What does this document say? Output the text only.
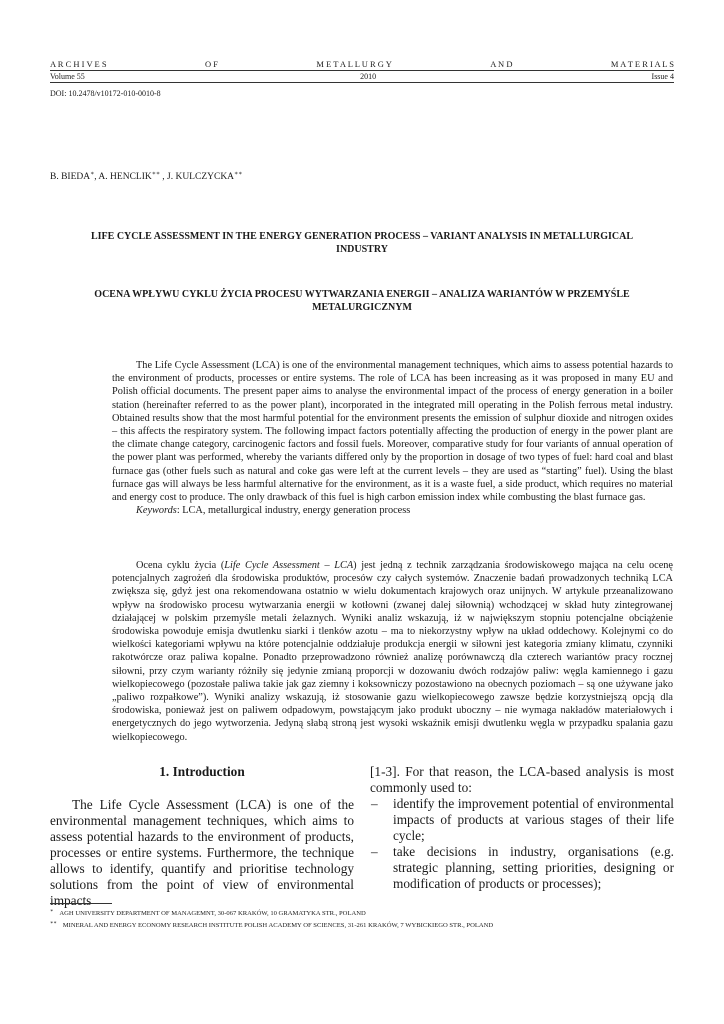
A R C H I V E S	O F	M E T A L L U R G Y	A N D	M A T E R I A L S
Volume 55	2010	Issue 4
DOI: 10.2478/v10172-010-0010-8
B. BIEDA∗, A. HENCLIK∗∗ , J. KULCZYCKA∗∗

LIFE CYCLE ASSESSMENT IN THE ENERGY GENERATION PROCESS – VARIANT ANALYSIS IN METALLURGICAL

INDUSTRY

OCENA WPŁYWU CYKLU ŻYCIA PROCESU WYTWARZANIA ENERGII – ANALIZA WARIANTÓW W PRZEMYŚLE

METALURGICZNYM

The Life Cycle Assessment (LCA) is one of the environmental management techniques, which aims to assess potential hazards to the environment of products, processes or entire systems. The role of LCA has been increasing as it was proposed in many EU and Polish official documents. The present paper aims to analyse the environmental impact of the process of energy generation in a boiler station (hereinafter referred to as the power plant), incorporated in the integrated mill operating in the Polish ferrous metal industry. Obtained results show that the most harmful potential for the environment presents the emission of sulphur dioxide and nitrogen oxides – this affects the respiratory system. The following impact factors potentially affecting the production of energy in the power plant are the climate change category, carcinogenic factors and fossil fuels. Moreover, comparative study for four variants of annual operation of the power plant was performed, whereby the variants differed only by the proportion in dosage of two types of fuel: hard coal and blast furnace gas (other fuels such as natural and coke gas were left at the current levels – they are used as “starting” fuel). Using the blast furnace gas will always be less harmful alternative for the environment, as it is a waste fuel, a side product, which requires no material and energy cost to produce. The only drawback of this fuel is high carbon emission index while combusting the blast furnace gas.

Keywords: LCA, metallurgical industry, energy generation process

Ocena cyklu życia (Life Cycle Assessment – LCA) jest jedną z technik zarządzania środowiskowego mająca na celu ocenę potencjalnych zagrożeń dla środowiska produktów, procesów czy całych systemów. Znaczenie badań prowadzonych techniką LCA zwiększa się, gdyż jest ona rekomendowana ostatnio w wielu dokumentach krajowych oraz unijnych. W artykule przeanalizowano wpływ na środowisko procesu wytwarzania energii w kotłowni (zwanej dalej siłownią) wchodzącej w skład huty zintegrowanej działającej w polskim przemyśle metali żelaznych. Wyniki analiz wskazują, iż w największym stopniu potencjalne obciążenie środowiska powoduje emisja dwutlenku siarki i tlenków azotu – ma to niekorzystny wpływ na układ oddechowy. Kolejnymi co do wielkości kategoriami wpływu na które potencjalnie oddziałuje produkcja energii w siłowni jest kategoria zmiany klimatu, czynniki rakotwórcze oraz paliwa kopalne. Ponadto przeprowadzono również analizę porównawczą dla czterech wariantów pracy rocznej siłowni, przy czym warianty różniły się jedynie zmianą proporcji w dozowaniu dwóch rodzajów paliw: węgla kamiennego i gazu wielkopiecowego (pozostałe paliwa takie jak gaz ziemny i koksowniczy pozostawiono na obecnych poziomach – są one używane jako „paliwo rozpałkowe”). Wyniki analizy wskazują, iż stosowanie gazu wielkopiecowego zawsze będzie korzystniejszą opcją dla środowiska, ponieważ jest on paliwem odpadowym, powstającym jako produkt uboczny – nie wymaga nakładów materiałowych i energetycznych do jego wytworzenia. Jedyną słabą stroną jest wysoki wskaźnik emisji dwutlenku węgla w przypadku spalania gazu wielkopiecowego.

1. Introduction

The Life Cycle Assessment (LCA) is one of the environmental management techniques, which aims to assess potential hazards to the environment of products, processes or entire systems. Furthermore, the technique allows to identify, quantify and prioritise technology solutions from the point of view of environmental impacts

[1-3]. For that reason, the LCA-based analysis is most commonly used to:

– identify the improvement potential of environmental impacts of products at various stages of their life cycle;
– take decisions in industry, organisations (e.g. strategic planning, setting priorities, designing or modification of products or processes);
∗ AGH UNIVERSITY DEPARTMENT OF MANAGEMNT, 30-067 KRAKÓW, 10 GRAMATYKA STR., POLAND
∗∗ MINERAL AND ENERGY ECONOMY RESEARCH INSTITUTE POLISH ACADEMY OF SCIENCES, 31-261 KRAKÓW, 7 WYBICKIEGO STR., POLAND
